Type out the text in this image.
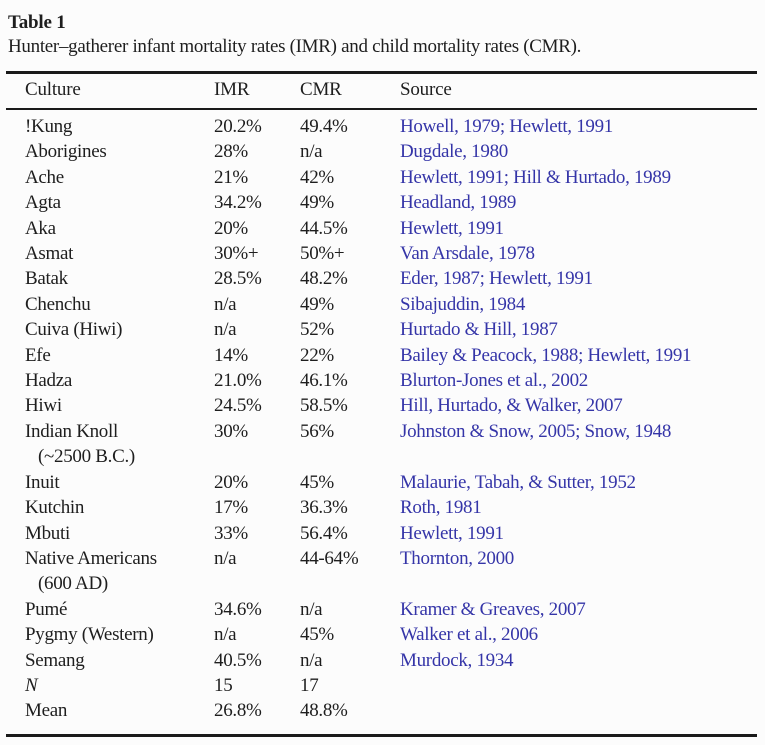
Table 1
Hunter–gatherer infant mortality rates (IMR) and child mortality rates (CMR).
Culture	IMR	CMR	Source

!Kung	20.2%	49.4%	Howell, 1979; Hewlett, 1991

Aborigines	28%	n/a	Dugdale, 1980

Ache	21%	42%	Hewlett, 1991; Hill & Hurtado, 1989

Agta	34.2%	49%	Headland, 1989

Aka	20%	44.5%	Hewlett, 1991

Asmat	30%+	50%+	Van Arsdale, 1978

Batak	28.5%	48.2%	Eder, 1987; Hewlett, 1991

Chenchu	n/a	49%	Sibajuddin, 1984

Cuiva (Hiwi)	n/a	52%	Hurtado & Hill, 1987

Efe	14%	22%	Bailey & Peacock, 1988; Hewlett, 1991

Hadza	21.0%	46.1%	Blurton-Jones et al., 2002

Hiwi	24.5%	58.5%	Hill, Hurtado, & Walker, 2007

Indian Knoll
(~2500 B.C.)	30%	56%	Johnston & Snow, 2005; Snow, 1948

Inuit	20%	45%	Malaurie, Tabah, & Sutter, 1952

Kutchin	17%	36.3%	Roth, 1981

Mbuti	33%	56.4%	Hewlett, 1991

Native Americans
(600 AD)	n/a	44-64%	Thornton, 2000

Pumé	34.6%	n/a	Kramer & Greaves, 2007

Pygmy (Western)	n/a	45%	Walker et al., 2006

Semang	40.5%	n/a	Murdock, 1934

N	15	17	

Mean	26.8%	48.8%	
